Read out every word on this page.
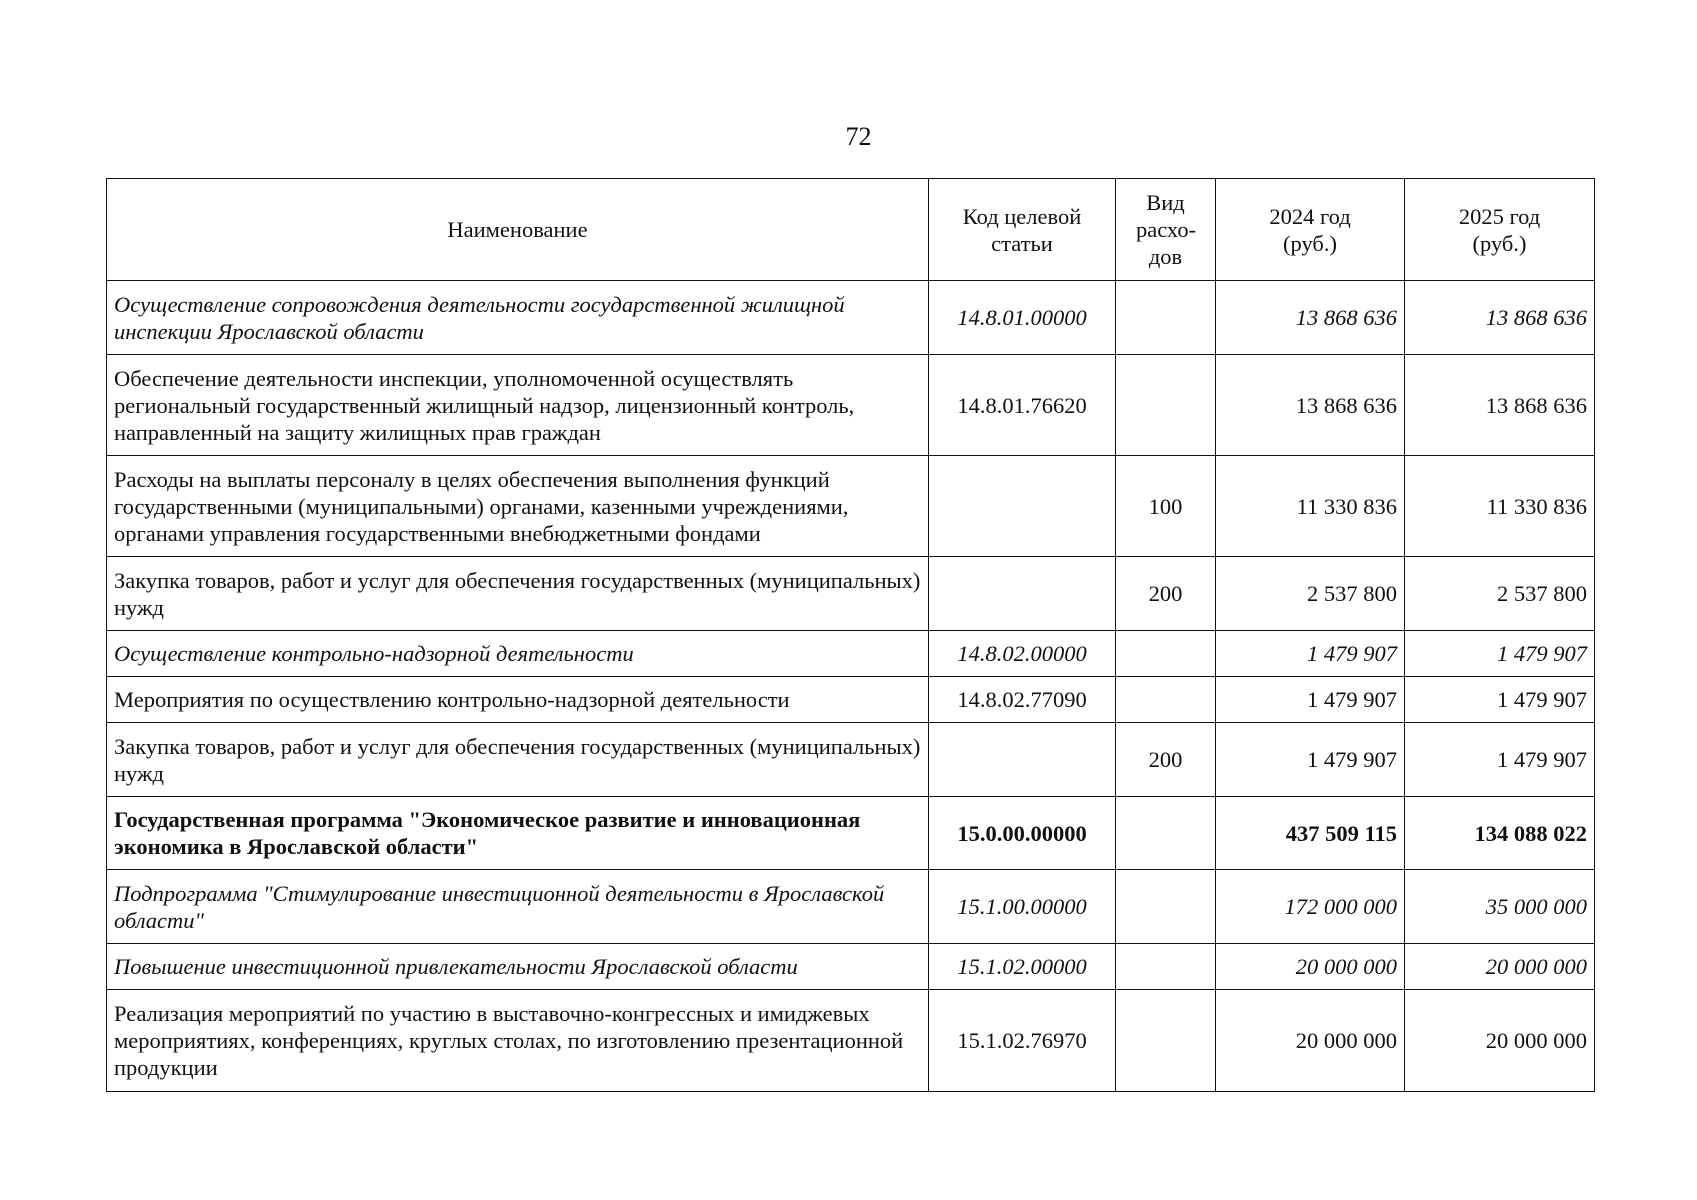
72
Наименование	Код целевой статьи	Вид расхо-дов	2024 год (руб.)	2025 год (руб.)
Осуществление сопровождения деятельности государственной жилищной инспекции Ярославской области	14.8.01.00000		13 868 636	13 868 636
Обеспечение деятельности инспекции, уполномоченной осуществлять региональный государственный жилищный надзор, лицензионный контроль, направленный на защиту жилищных прав граждан	14.8.01.76620		13 868 636	13 868 636
Расходы на выплаты персоналу в целях обеспечения выполнения функций государственными (муниципальными) органами, казенными учреждениями, органами управления государственными внебюджетными фондами		100	11 330 836	11 330 836
Закупка товаров, работ и услуг для обеспечения государственных (муниципальных) нужд		200	2 537 800	2 537 800
Осуществление контрольно-надзорной деятельности	14.8.02.00000		1 479 907	1 479 907
Мероприятия по осуществлению контрольно-надзорной деятельности	14.8.02.77090		1 479 907	1 479 907
Закупка товаров, работ и услуг для обеспечения государственных (муниципальных) нужд		200	1 479 907	1 479 907
Государственная программа "Экономическое развитие и инновационная экономика в Ярославской области"	15.0.00.00000		437 509 115	134 088 022
Подпрограмма "Стимулирование инвестиционной деятельности в Ярославской области"	15.1.00.00000		172 000 000	35 000 000
Повышение инвестиционной привлекательности Ярославской области	15.1.02.00000		20 000 000	20 000 000
Реализация мероприятий по участию в выставочно-конгрессных и имиджевых мероприятиях, конференциях, круглых столах, по изготовлению презентационной продукции	15.1.02.76970		20 000 000	20 000 000
